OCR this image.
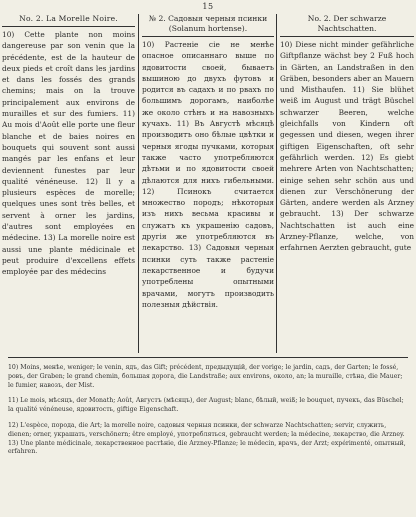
15
No. 2. La Morelle Noire.

10) Cette plante non moins dangereuse par son venin que la précédente, est de la hauteur de deux pieds et croît dans les jardins et dans les fossés des grands chemins; mais on la trouve principalement aux environs de murailles et sur des fumiers. 11) Au mois d'Août elle porte une fleur blanche et de baies noires en bouquets qui souvent sont aussi mangés par les enfans et leur deviennent funestes par leur qualité vénéneuse. 12) Il y a plusieurs espèces de morelle; quelques unes sont très belles, et servent à orner les jardins, d'autres sont employées en médecine. 13) La morelle noire est aussi une plante médicinale et peut produire d'excellens effets employée par des médecins

№ 2. Садовыя черныя псинки (Solanum hortense).

10) Растеніе сіе не менѣе опасное описаннаго выше по ядовитости своей, бываетъ вышиною до двухъ футовъ и родится въ садахъ и по рвахъ по большимъ дорогамъ, наиболѣе же около стѣнъ и на навозныхъ кучахъ. 11) Въ Августѣ мѣсяцѣ производитъ оно бѣлые цвѣтки и черныя ягоды пучками, которыя также часто употребляются дѣтьми и по ядовитости своей дѣлаются для нихъ гибельными. 12) Псинокъ считается множество породъ; нѣкоторыя изъ нихъ весьма красивы и служатъ къ украшенію садовъ, другія же употребляются въ лекарство. 13) Садовыя черныя псинки суть также растеніе лекарственное и будучи употреблены опытными врачами, могутъ производить полезныя дѣйствія.

No. 2. Der schwarze Nachtschatten.

10) Diese nicht minder gefährliche Giftpflanze wächst bey 2 Fuß hoch in Gärten, an Landstraßen in den Gräben, besonders aber an Mauern und Misthaufen. 11) Sie blühet weiß im August und trägt Büschel schwarzer Beeren, welche gleichfalls von Kindern oft gegessen und diesen, wegen ihrer giftigen Eigenschaften, oft sehr gefährlich werden. 12) Es giebt mehrere Arten von Nachtschatten; einige sehen sehr schön aus und dienen zur Verschönerung der Gärten, andere werden als Arzney gebraucht. 13) Der schwarze Nachtschatten ist auch eine Arzney-Pflanze, welche, von erfahrnen Aerzten gebraucht, gute

10) Moins, менѣе, weniger; le venin, ядъ, das Gift; précédent, предыдущій, der vorige; le jardin, садъ, der Garten; le fossé, ровъ, der Graben; le grand chemin, большая дорога, die Landstraße; aux environs, около, an; la muraille, стѣна, die Mauer; le fumier, навозъ, der Mist.

11) Le mois, мѣсяцъ, der Monath; Août, Августъ (мѣсяцъ), der August; blanc, бѣлый, weiß; le bouquet, пучекъ, das Büschel; la qualité vénéneuse, ядовитость, giftige Eigenschaft.

12) L'espèce, порода, die Art; la morelle noire, садовыя черныя псинки, der schwarze Nachtschatten; servir, служить, dienen; orner, украшать, verschönern; être employé, употребляться, gebraucht werden; la médecine, лекарство, die Arzney.

13) Une plante médicinale, лекарственное растѣніе, die Arzney-Pflanze; le médecin, врачъ, der Arzt; expérimenté, опытный, erfahren.
